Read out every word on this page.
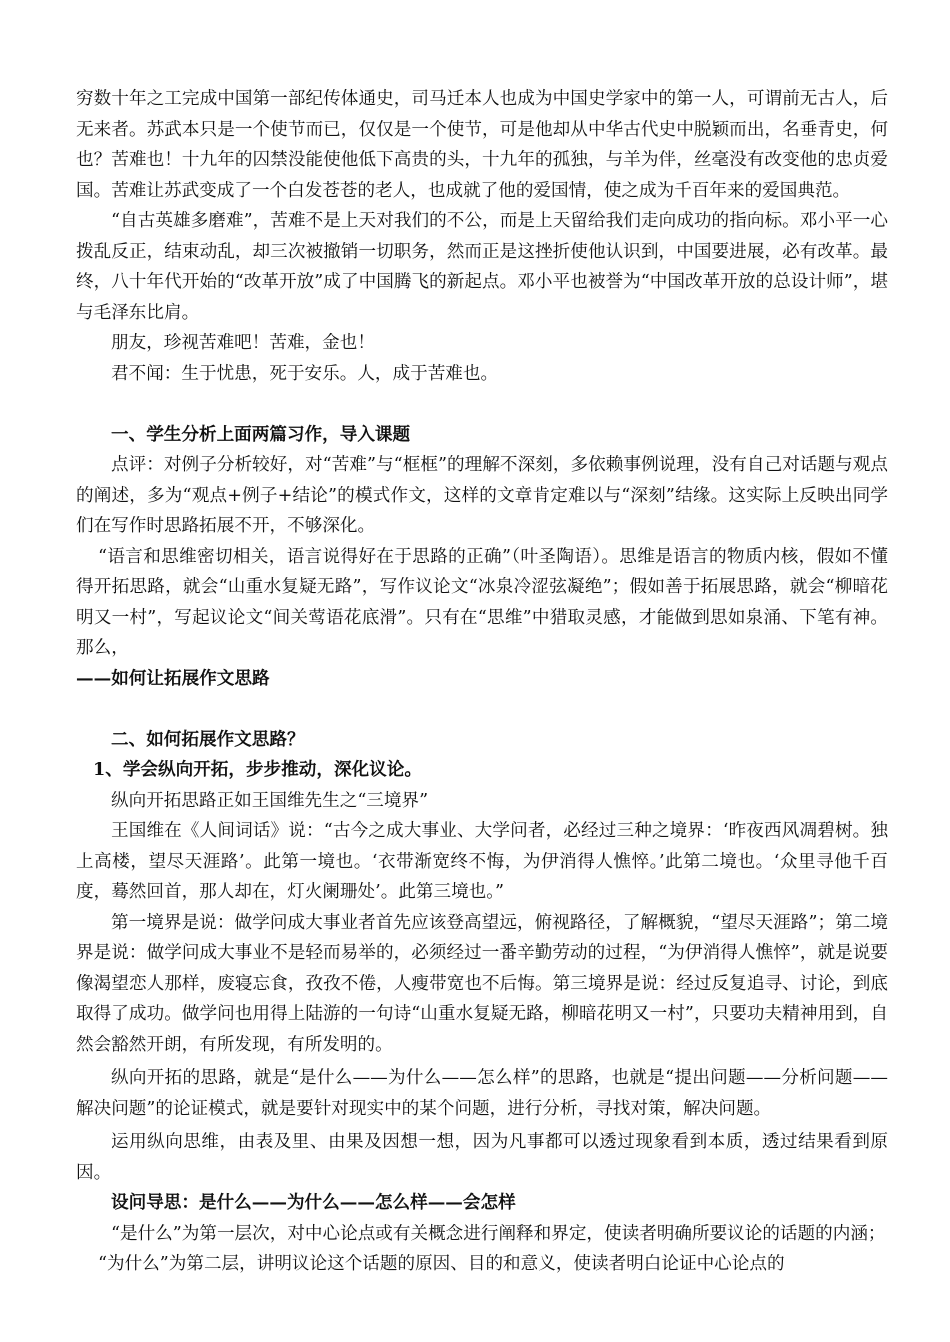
穷数十年之工完成中国第一部纪传体通史，司马迁本人也成为中国史学家中的第一人，可谓前无古人，后无来者。苏武本只是一个使节而已，仅仅是一个使节，可是他却从中华古代史中脱颖而出，名垂青史，何也？苦难也！十九年的囚禁没能使他低下高贵的头，十九年的孤独，与羊为伴，丝毫没有改变他的忠贞爱国。苦难让苏武变成了一个白发苍苍的老人，也成就了他的爱国情，使之成为千百年来的爱国典范。

“自古英雄多磨难”，苦难不是上天对我们的不公，而是上天留给我们走向成功的指向标。邓小平一心拨乱反正，结束动乱，却三次被撤销一切职务，然而正是这挫折使他认识到，中国要进展，必有改革。最终，八十年代开始的“改革开放”成了中国腾飞的新起点。邓小平也被誉为“中国改革开放的总设计师”，堪与毛泽东比肩。

朋友，珍视苦难吧！苦难，金也！

君不闻：生于忧患，死于安乐。人，成于苦难也。

一、学生分析上面两篇习作，导入课题

点评：对例子分析较好，对“苦难”与“框框”的理解不深刻，多依赖事例说理，没有自己对话题与观点的阐述，多为“观点+例子+结论”的模式作文，这样的文章肯定难以与“深刻”结缘。这实际上反映出同学们在写作时思路拓展不开，不够深化。

“语言和思维密切相关，语言说得好在于思路的正确”（叶圣陶语）。思维是语言的物质内核，假如不懂得开拓思路，就会“山重水复疑无路”，写作议论文“冰泉冷涩弦凝绝”；假如善于拓展思路，就会“柳暗花明又一村”，写起议论文“间关莺语花底滑”。只有在“思维”中猎取灵感，才能做到思如泉涌、下笔有神。那么，

——如何让拓展作文思路

二、如何拓展作文思路？

1、学会纵向开拓，步步推动，深化议论。

纵向开拓思路正如王国维先生之“三境界”

王国维在《人间词话》说：“古今之成大事业、大学问者，必经过三种之境界：‘昨夜西风凋碧树。独上高楼，望尽天涯路’。此第一境也。‘衣带渐宽终不悔，为伊消得人憔悴。’此第二境也。‘众里寻他千百度，蓦然回首，那人却在，灯火阑珊处’。此第三境也。”

第一境界是说：做学问成大事业者首先应该登高望远，俯视路径，了解概貌，“望尽天涯路”；第二境界是说：做学问成大事业不是轻而易举的，必须经过一番辛勤劳动的过程，“为伊消得人憔悴”，就是说要像渴望恋人那样，废寝忘食，孜孜不倦，人瘦带宽也不后悔。第三境界是说：经过反复追寻、讨论，到底取得了成功。做学问也用得上陆游的一句诗“山重水复疑无路，柳暗花明又一村”，只要功夫精神用到，自然会豁然开朗，有所发现，有所发明的。

纵向开拓的思路，就是“是什么——为什么——怎么样”的思路，也就是“提出问题——分析问题——解决问题”的论证模式，就是要针对现实中的某个问题，进行分析，寻找对策，解决问题。

运用纵向思维，由表及里、由果及因想一想，因为凡事都可以透过现象看到本质，透过结果看到原因。

设问导思：是什么——为什么——怎么样——会怎样

“是什么”为第一层次，对中心论点或有关概念进行阐释和界定，使读者明确所要议论的话题的内涵；

“为什么”为第二层，讲明议论这个话题的原因、目的和意义，使读者明白论证中心论点的
